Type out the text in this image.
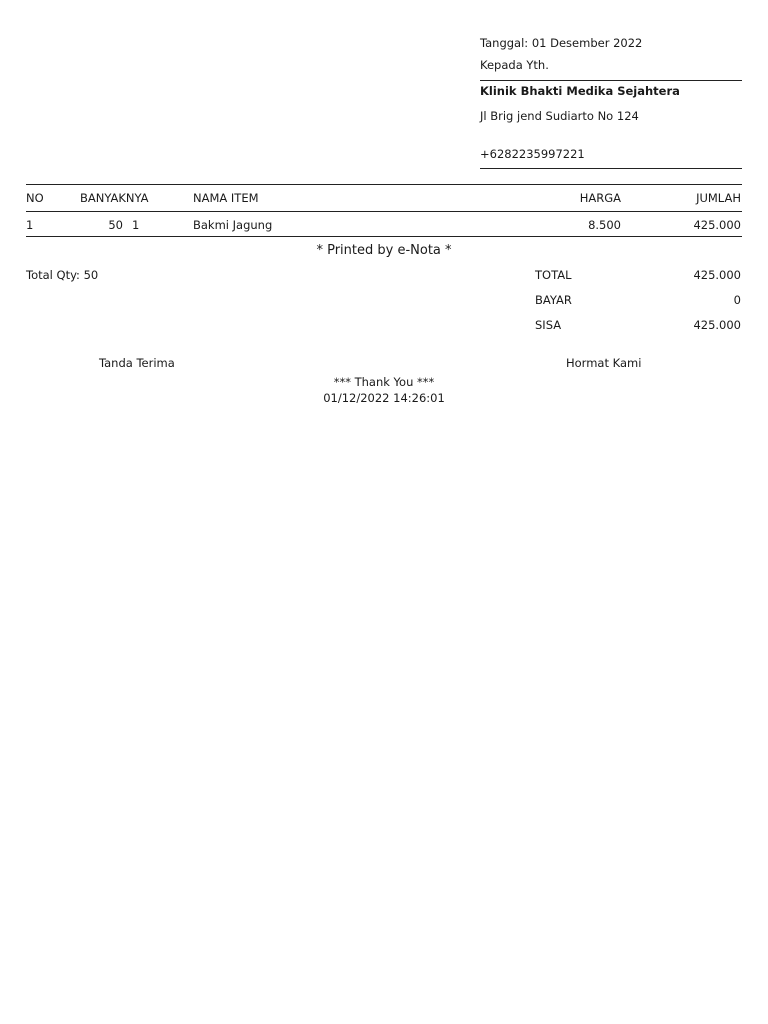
Tanggal: 01 Desember 2022
Kepada Yth.
Klinik Bhakti Medika Sejahtera
Jl Brig jend Sudiarto No 124
+6282235997221
NO	BANYAKNYA	NAMA ITEM	HARGA	JUMLAH
1	50 1	Bakmi Jagung	8.500	425.000
* Printed by e-Nota *
Total Qty: 50	TOTAL	425.000
BAYAR	0
SISA	425.000
Tanda Terima	Hormat Kami
*** Thank You ***
01/12/2022 14:26:01
